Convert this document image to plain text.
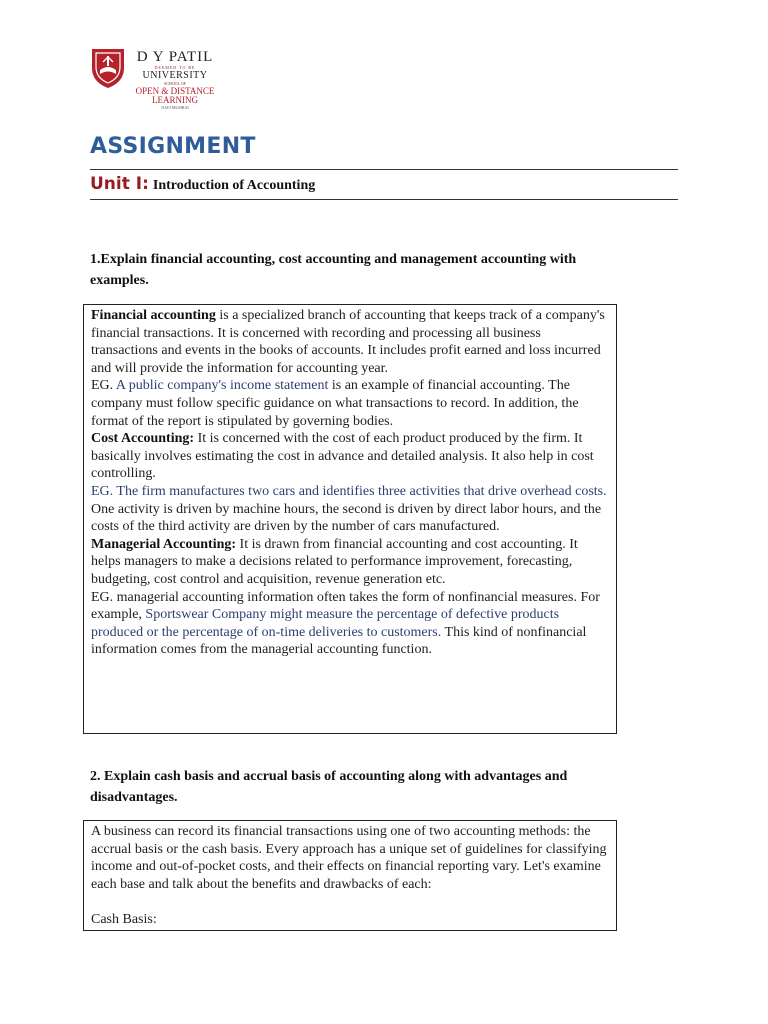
D Y PATIL
DEEMED TO BE
UNIVERSITY
SCHOOL OF
OPEN & DISTANCE
LEARNING
NAVI MUMBAI
ASSIGNMENT
Unit I: Introduction of Accounting
1.Explain financial accounting, cost accounting and management accounting with examples.

Financial accounting is a specialized branch of accounting that keeps track of a company's financial transactions. It is concerned with recording and processing all business transactions and events in the books of accounts. It includes profit earned and loss incurred and will provide the information for accounting year.

EG. A public company's income statement is an example of financial accounting. The company must follow specific guidance on what transactions to record. In addition, the format of the report is stipulated by governing bodies.

Cost Accounting: It is concerned with the cost of each product produced by the firm. It basically involves estimating the cost in advance and detailed analysis. It also help in cost controlling.

EG. The firm manufactures two cars and identifies three activities that drive overhead costs. One activity is driven by machine hours, the second is driven by direct labor hours, and the costs of the third activity are driven by the number of cars manufactured.

Managerial Accounting: It is drawn from financial accounting and cost accounting. It helps managers to make a decisions related to performance improvement, forecasting, budgeting, cost control and acquisition, revenue generation etc.

EG. managerial accounting information often takes the form of nonfinancial measures. For example, Sportswear Company might measure the percentage of defective products produced or the percentage of on-time deliveries to customers. This kind of nonfinancial information comes from the managerial accounting function.

2. Explain cash basis and accrual basis of accounting along with advantages and disadvantages.

A business can record its financial transactions using one of two accounting methods: the accrual basis or the cash basis. Every approach has a unique set of guidelines for classifying income and out-of-pocket costs, and their effects on financial reporting vary. Let's examine each base and talk about the benefits and drawbacks of each:

Cash Basis:
